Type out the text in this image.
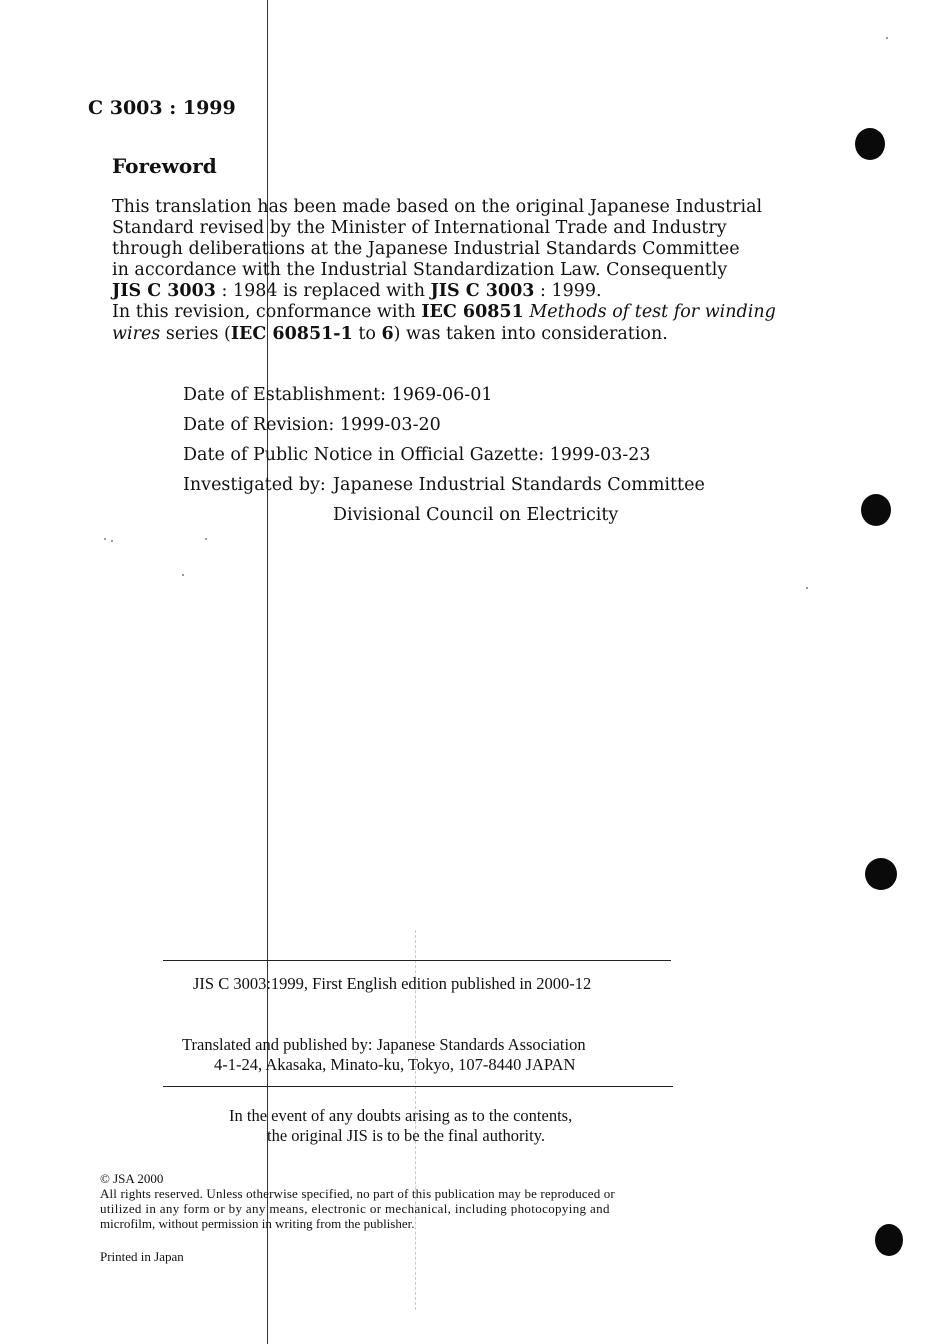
C 3003 : 1999
Foreword
This translation has been made based on the original Japanese Industrial
Standard revised by the Minister of International Trade and Industry
through deliberations at the Japanese Industrial Standards Committee
in accordance with the Industrial Standardization Law. Consequently
JIS C 3003 : 1984 is replaced with JIS C 3003 : 1999.
In this revision, conformance with IEC 60851 Methods of test for winding
wires series (IEC 60851-1 to 6) was taken into consideration.
Date of Establishment: 1969-06-01
Date of Revision: 1999-03-20
Date of Public Notice in Official Gazette: 1999-03-23
Investigated by: Japanese Industrial Standards Committee
Divisional Council on Electricity
JIS C 3003:1999, First English edition published in 2000-12
Translated and published by: Japanese Standards Association
4-1-24, Akasaka, Minato-ku, Tokyo, 107-8440 JAPAN
In the event of any doubts arising as to the contents,
the original JIS is to be the final authority.
© JSA 2000
All rights reserved. Unless otherwise specified, no part of this publication may be reproduced or
utilized in any form or by any means, electronic or mechanical, including photocopying and
microfilm, without permission in writing from the publisher.
Printed in Japan
